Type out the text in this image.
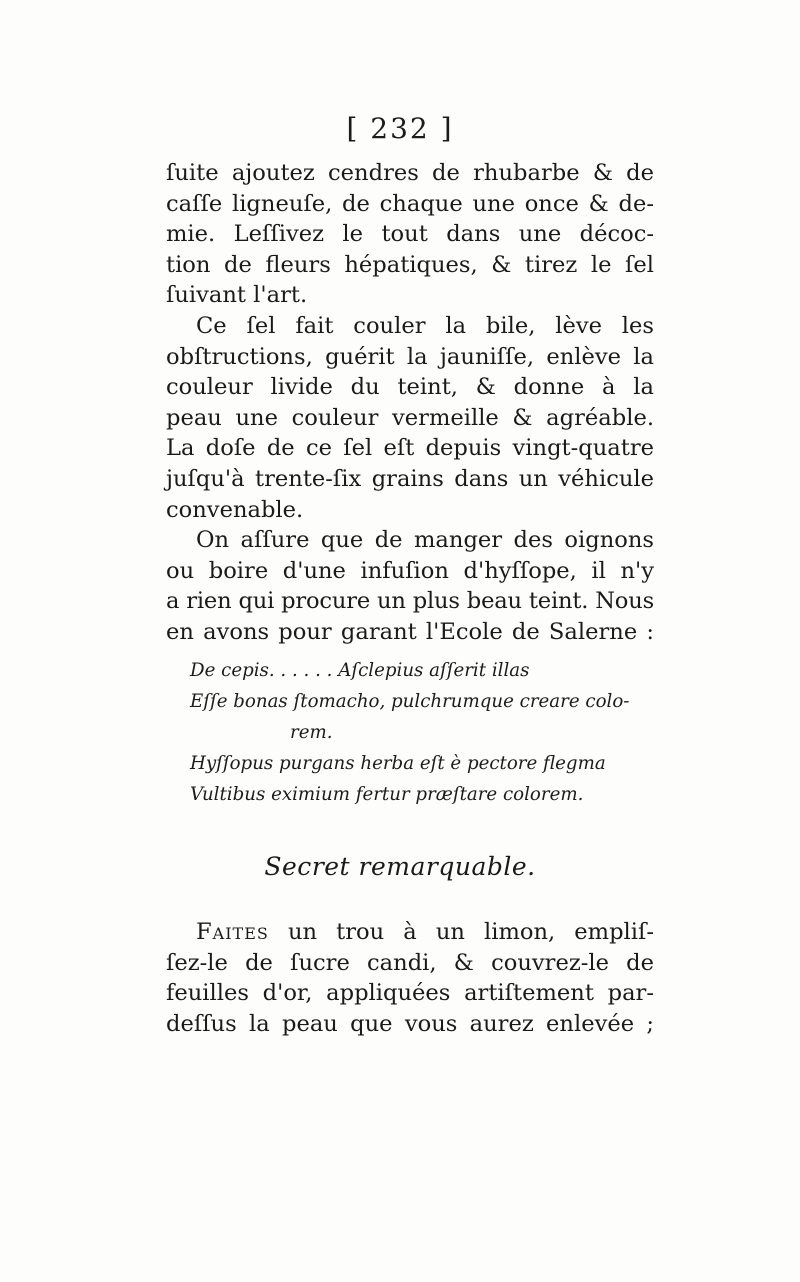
[ 232 ]
ſuite ajoutez cendres de rhubarbe & de
caſſe ligneuſe, de chaque une once & de-
mie. Leſſivez le tout dans une décoc-
tion de fleurs hépatiques, & tirez le ſel
ſuivant l'art.
Ce ſel fait couler la bile, lève les
obſtructions, guérit la jauniſſe, enlève la
couleur livide du teint, & donne à la
peau une couleur vermeille & agréable.
La doſe de ce ſel eſt depuis vingt-quatre
juſqu'à trente-ſix grains dans un véhicule
convenable.
On aſſure que de manger des oignons
ou boire d'une infuſion d'hyſſope, il n'y
a rien qui procure un plus beau teint. Nous
en avons pour garant l'Ecole de Salerne :
De cepis. . . . . . Aſclepius aſſerit illas
Eſſe bonas ſtomacho, pulchrumque creare colo-
rem.
Hyſſopus purgans herba eſt è pectore flegma
Vultibus eximium fertur præſtare colorem.
Secret remarquable.
Faites un trou à un limon, empliſ-
ſez-le de ſucre candi, & couvrez-le de
feuilles d'or, appliquées artiſtement par-
deſſus la peau que vous aurez enlevée ;
